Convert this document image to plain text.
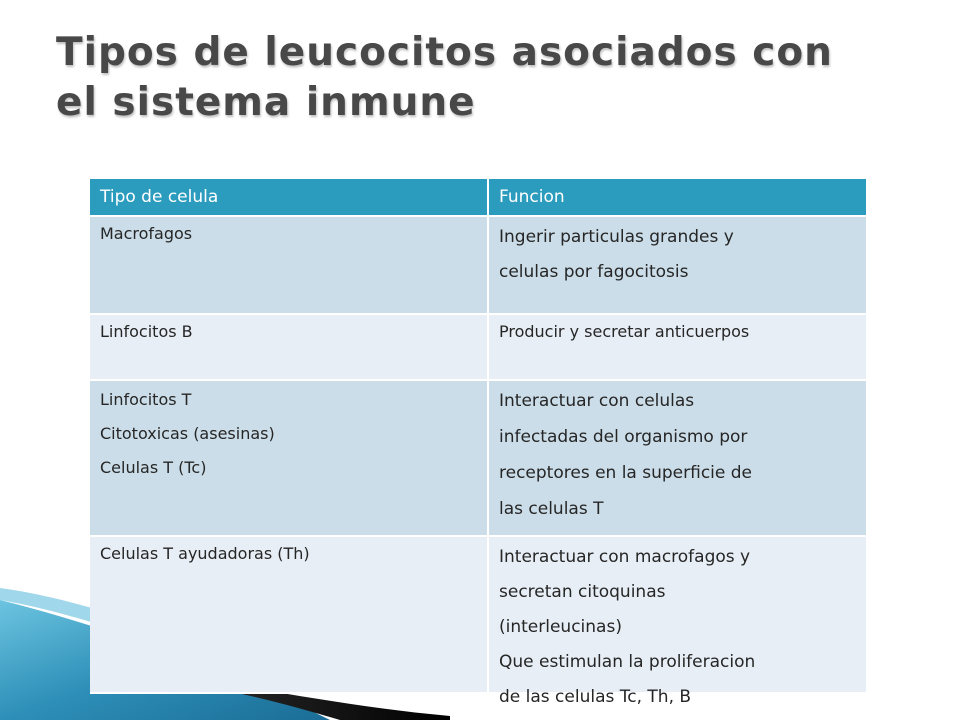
Tipos de leucocitos asociados con
el sistema inmune
Tipo de celula	Funcion

Macrofagos	Ingerir particulas grandes y
celulas por fagocitosis

Linfocitos B	Producir y secretar anticuerpos

Linfocitos T
Citotoxicas (asesinas)
Celulas T (Tc)	Interactuar con celulas
infectadas del organismo por
receptores en la superficie de
las celulas T

Celulas T ayudadoras (Th)	Interactuar con macrofagos y
secretan citoquinas
(interleucinas)
Que estimulan la proliferacion
de las celulas Tc, Th, B
